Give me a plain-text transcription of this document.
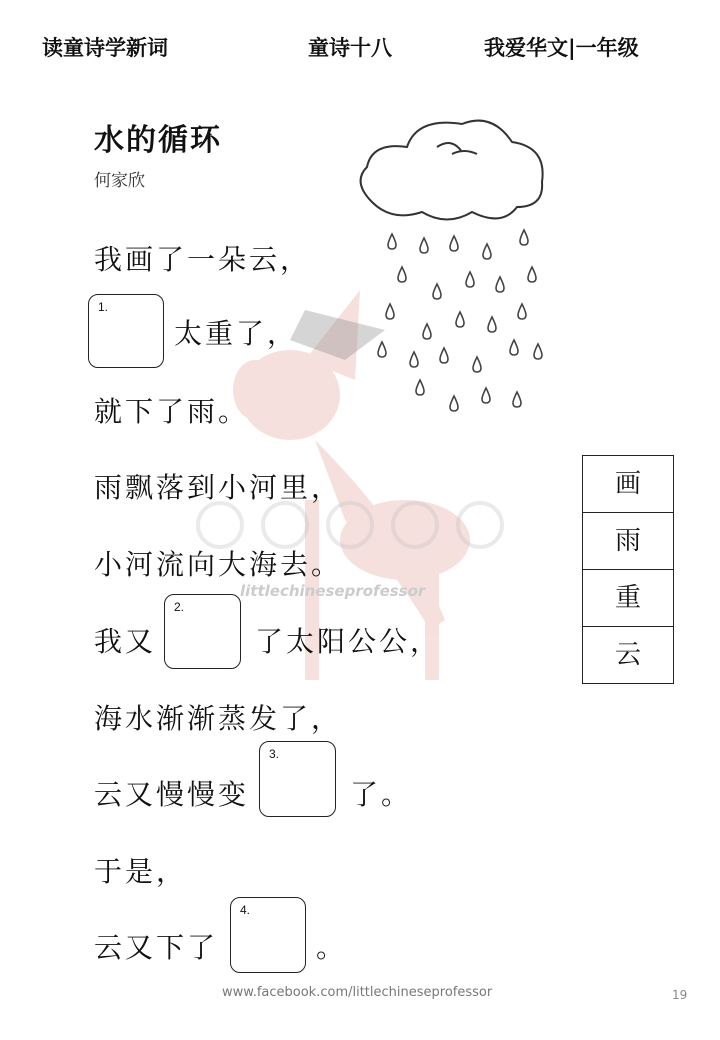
读童诗学新词	童诗十八	我爱华文|一年级
littlechineseprofessor
水的循环
何家欣
我画了一朵云，
1.
太重了，
就下了雨。
雨飘落到小河里，
小河流向大海去。
我又
2.
了太阳公公，
海水渐渐蒸发了，
云又慢慢变
3.
了。
于是，
云又下了
4.
。
画
雨
重
云
www.facebook.com/littlechineseprofessor	19
